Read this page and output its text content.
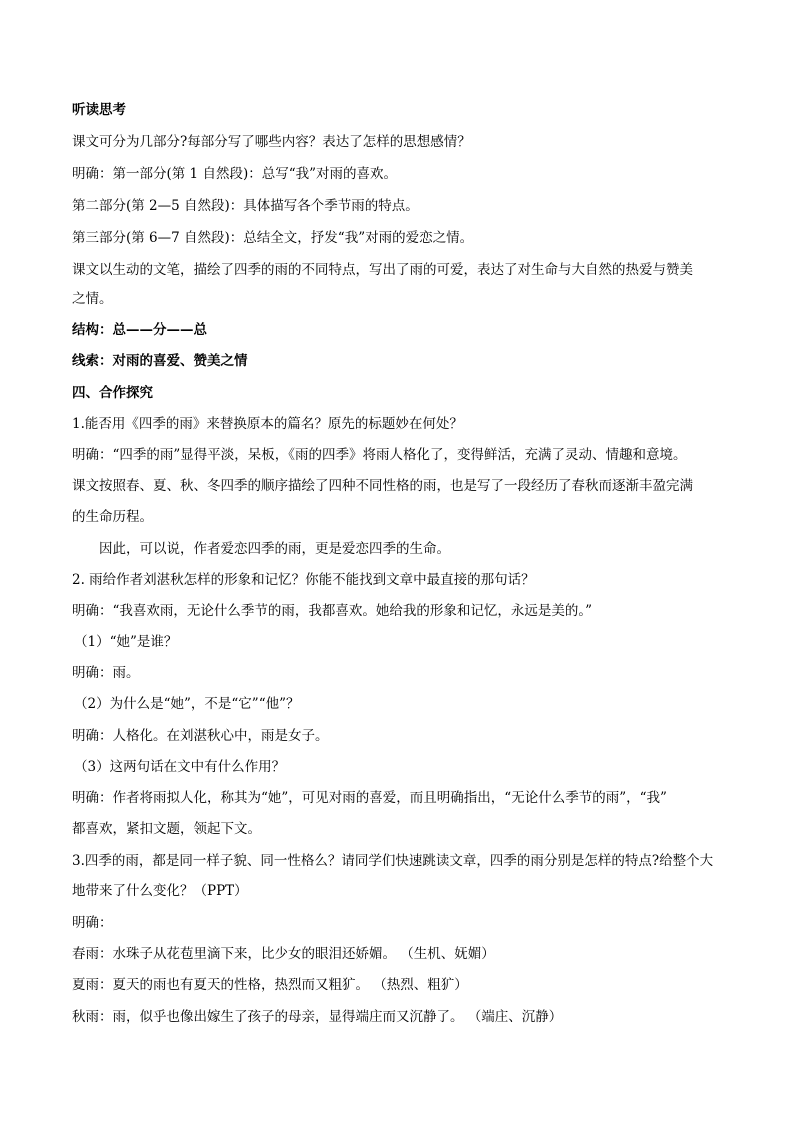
听读思考
课文可分为几部分?每部分写了哪些内容？表达了怎样的思想感情？
明确：第一部分(第 1 自然段)：总写“我”对雨的喜欢。
第二部分(第 2—5 自然段)：具体描写各个季节雨的特点。
第三部分(第 6—7 自然段)：总结全文，抒发“我”对雨的爱恋之情。
课文以生动的文笔，描绘了四季的雨的不同特点，写出了雨的可爱，表达了对生命与大自然的热爱与赞美
之情。
结构：总——分——总
线索：对雨的喜爱、赞美之情
四、合作探究
1.能否用《四季的雨》来替换原本的篇名？原先的标题妙在何处？
明确：“四季的雨”显得平淡，呆板，《雨的四季》将雨人格化了，变得鲜活，充满了灵动、情趣和意境。
课文按照春、夏、秋、冬四季的顺序描绘了四种不同性格的雨，也是写了一段经历了春秋而逐渐丰盈完满
的生命历程。
因此，可以说，作者爱恋四季的雨，更是爱恋四季的生命。
2. 雨给作者刘湛秋怎样的形象和记忆？你能不能找到文章中最直接的那句话？
明确：“我喜欢雨，无论什么季节的雨，我都喜欢。她给我的形象和记忆，永远是美的。”
（1）“她”是谁？
明确：雨。
（2）为什么是“她”，不是“它”“他”？
明确：人格化。在刘湛秋心中，雨是女子。
（3）这两句话在文中有什么作用？
明确：作者将雨拟人化，称其为“她”，可见对雨的喜爱，而且明确指出，“无论什么季节的雨”，“我”
都喜欢，紧扣文题，领起下文。
3.四季的雨，都是同一样子貌、同一性格么？请同学们快速跳读文章，四季的雨分别是怎样的特点?给整个大
地带来了什么变化？（PPT）
明确：
春雨：水珠子从花苞里滴下来，比少女的眼泪还娇媚。 （生机、妩媚）
夏雨：夏天的雨也有夏天的性格，热烈而又粗犷。 （热烈、粗犷）
秋雨：雨，似乎也像出嫁生了孩子的母亲，显得端庄而又沉静了。 （端庄、沉静）
